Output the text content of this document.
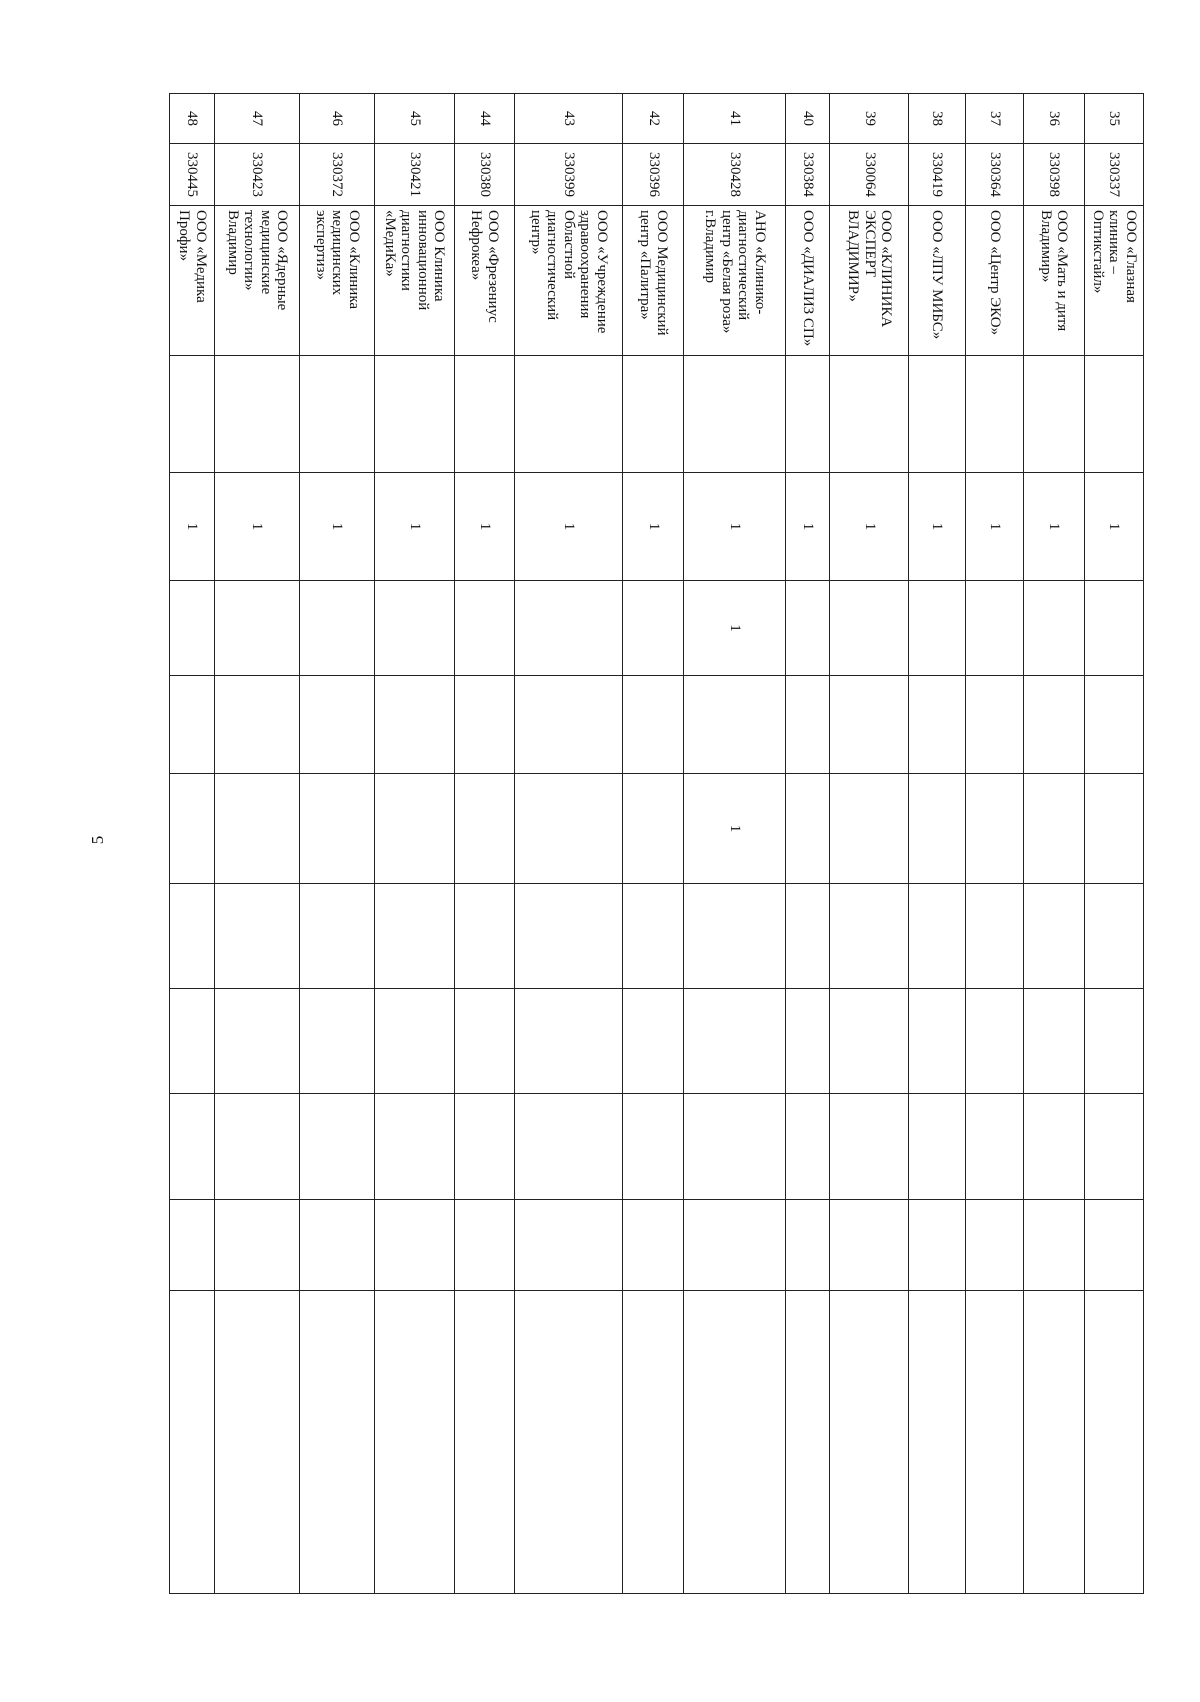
5
35	330337	ООО «Глазная клиника – Оптикстайл»		1								
36	330398	ООО «Мать и дитя Владимир»		1								
37	330364	ООО «Центр ЭКО»		1								
38	330419	ООО «ЛПУ МИБС»		1								
39	330064	ООО «КЛИНИКА ЭКСПЕРТ ВЛАДИМИР»		1								
40	330384	ООО «ДИАЛИЗ СП»		1								
41	330428	АНО «Клинико-диагностический центр «Белая роза» г.Владимир		1	1		1					
42	330396	ООО Медицинский центр «Палитра»		1								
43	330399	ООО «Учреждение здравоохранения Областной диагностический центр»		1								
44	330380	ООО «Фрезениус Нефрокеа»		1								
45	330421	ООО Клиника инновационной диагностики «МедиКа»		1								
46	330372	ООО «Клиника медицинских экспертиз»		1								
47	330423	ООО «Ядерные медицинские технологии» Владимир		1								
48	330445	ООО «Медика Профи»		1								
